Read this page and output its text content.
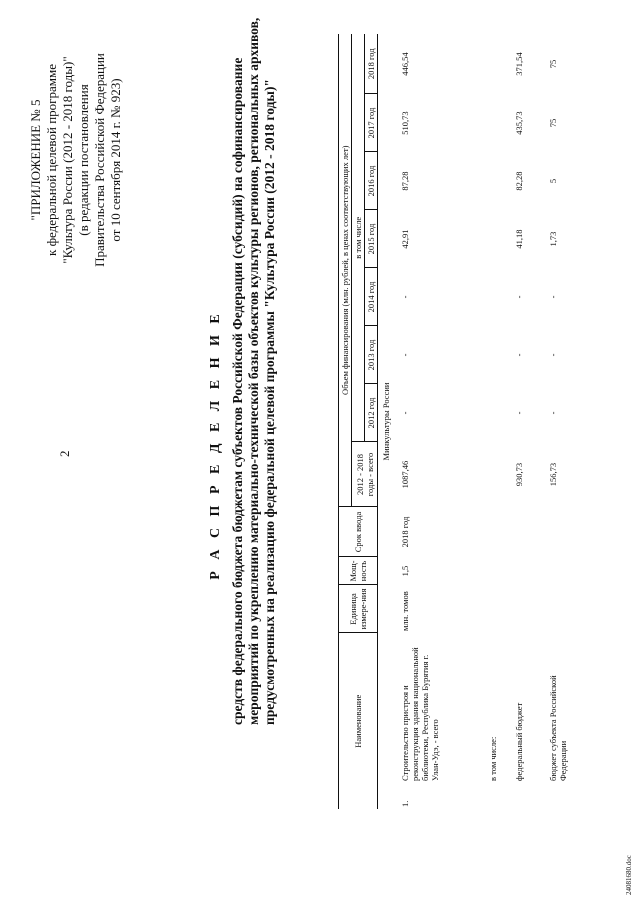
2
"ПРИЛОЖЕНИЕ № 5 к федеральной целевой программе "Культура России (2012 - 2018 годы)" (в редакции постановления Правительства Российской Федерации от 10 сентября 2014 г. № 923)
Р А С П Р Е Д Е Л Е Н И Е средств федерального бюджета бюджетам субъектов Российской Федерации (субсидий) на софинансирование мероприятий по укреплению материально-технической базы объектов культуры регионов, региональных архивов, предусмотренных на реализацию федеральной целевой программы "Культура России (2012 - 2018 годы)"	Наименование		Единица измере-ния	Мощ-ность	Срок ввода	Объем финансирования (млн. рублей, в ценах соответствующих лет)							
					2012 - 2018 годы - всего	в том числе						
						2012 год	2013 год	2014 год	2015 год	2016 год	2017 год	2018 год
Минкультуры России												
1.	Строительство пристроя и реконструкция здания национальной библиотеки, Республика Бурятия г. Улан-Удэ, - всего	млн. томов	1,5	2018 год	1087,46	-	-	-	42,91	87,28	510,73	446,54
	в том числе:											
	федеральный бюджет				930,73	-	-	-	41,18	82,28	435,73	371,54
	бюджет субъекта Российской Федерации				156,73	-	-	-	1,73	5	75	75
24081680.doc
